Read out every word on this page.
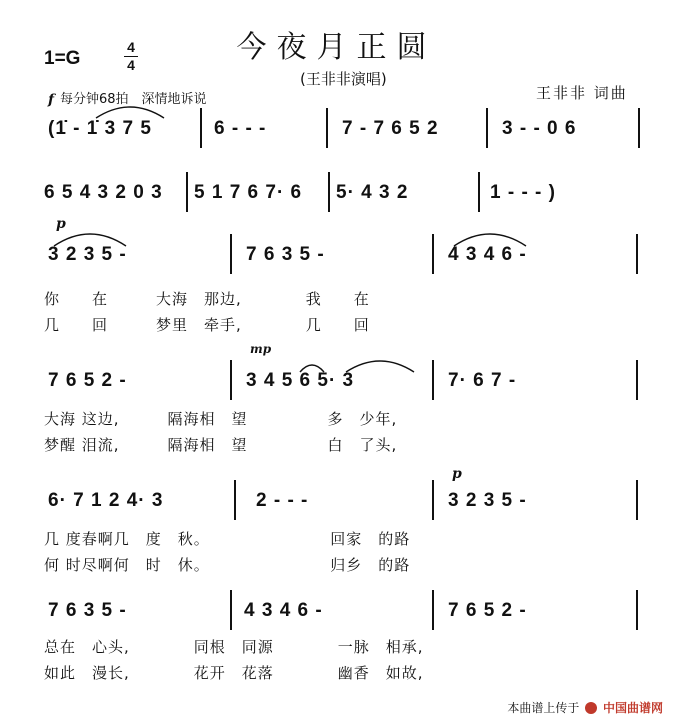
今夜月正圆
1=G
4
4
(王非非演唱)
王非非 词曲
每分钟68拍　深情地诉说
f
p
mp
p
(1̇ - 1̇ 3 7 5	6 - - -	7 - 7 6 5 2	3 - - 0 6
6 5 4 3 2 0 3 5 1 7 6 7· 6 5· 4 3 2	1 - - - )
3 2 3 5 -	7 6 3 5 -	4 3 4 6 -
你　　在　　　大海　那边,　　　　我　　在
几　　回　　　梦里　牵手,　　　　几　　回
7 6 5 2 -	3 4 5 6 5· 3	7· 6 7 -
大海 这边,　　　隔海相　望　　　　　多　少年,
梦醒 泪流,　　　隔海相　望　　　　　白　了头,
6· 7 1 2 4· 3	2 - - -	3 2 3 5 -
几 度春啊几　度　秋。　　　　　　　　回家　的路
何 时尽啊何　时　休。　　　　　　　　归乡　的路
7 6 3 5 -	4 3 4 6 -	7 6 5 2 -
总在　心头,　　　　同根　同源　　　　一脉　相承,
如此　漫长,　　　　花开　花落　　　　幽香　如故,
本曲谱上传于 中国曲谱网
